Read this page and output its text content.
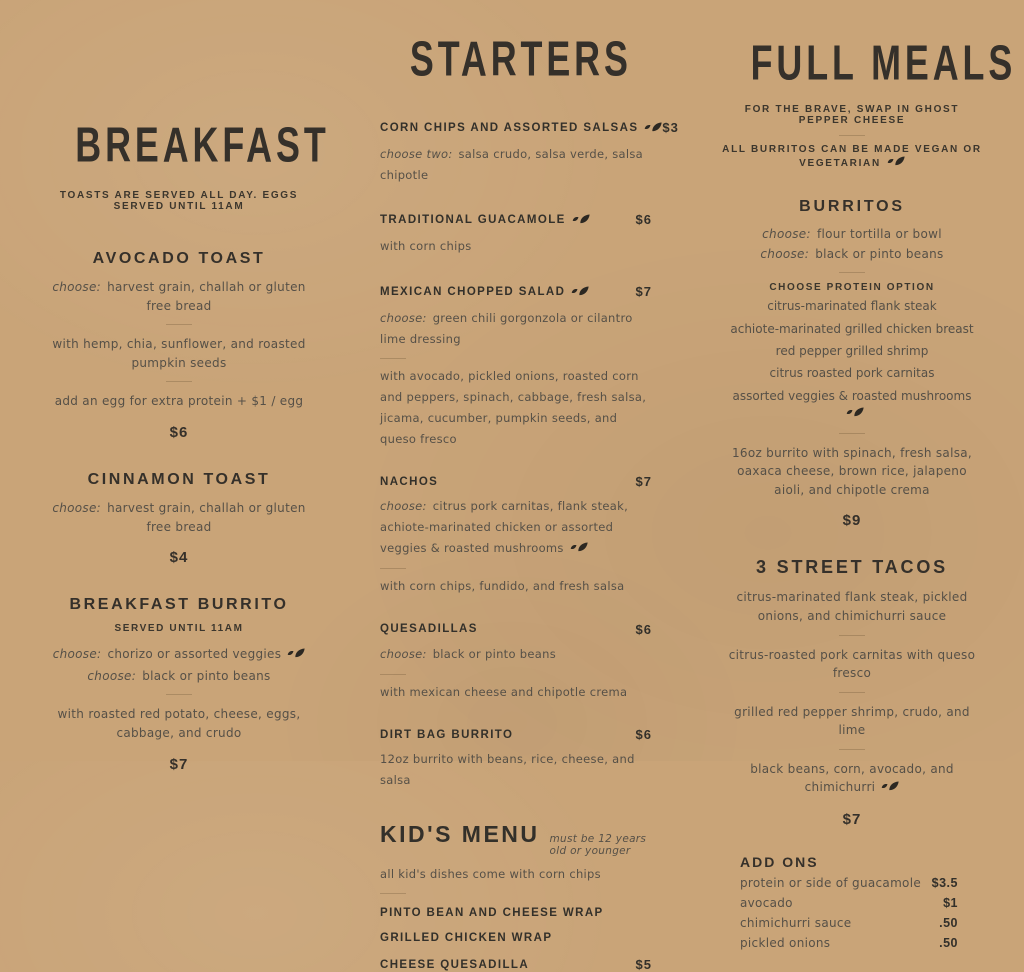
BREAKFAST
TOASTS ARE SERVED ALL DAY. EGGS SERVED UNTIL 11AM
AVOCADO TOAST
choose: harvest grain, challah or gluten free bread
with hemp, chia, sunflower, and roasted pumpkin seeds
add an egg for extra protein + $1 / egg
$6
CINNAMON TOAST
choose: harvest grain, challah or gluten free bread
$4
BREAKFAST BURRITO
SERVED UNTIL 11AM
choose: chorizo or assorted veggies
choose: black or pinto beans
with roasted red potato, cheese, eggs, cabbage, and crudo
$7
STARTERS
CORN CHIPS AND ASSORTED SALSAS $3
choose two: salsa crudo, salsa verde, salsa chipotle
TRADITIONAL GUACAMOLE	$6
with corn chips
MEXICAN CHOPPED SALAD	$7
choose: green chili gorgonzola or cilantro lime dressing
with avocado, pickled onions, roasted corn and peppers, spinach, cabbage, fresh salsa, jicama, cucumber, pumpkin seeds, and queso fresco
NACHOS	$7
choose: citrus pork carnitas, flank steak, achiote-marinated chicken or assorted veggies & roasted mushrooms
with corn chips, fundido, and fresh salsa
QUESADILLAS	$6
choose: black or pinto beans
with mexican cheese and chipotle crema
DIRT BAG BURRITO	$6
12oz burrito with beans, rice, cheese, and salsa
KID'S MENU must be 12 years old or younger
all kid's dishes come with corn chips
PINTO BEAN AND CHEESE WRAP
GRILLED CHICKEN WRAP
CHEESE QUESADILLA	$5
FULL MEALS
FOR THE BRAVE, SWAP IN GHOST PEPPER CHEESE
ALL BURRITOS CAN BE MADE VEGAN OR VEGETARIAN
BURRITOS
choose: flour tortilla or bowl
choose: black or pinto beans
CHOOSE PROTEIN OPTION
citrus-marinated flank steak
achiote-marinated grilled chicken breast
red pepper grilled shrimp
citrus roasted pork carnitas
assorted veggies & roasted mushrooms
16oz burrito with spinach, fresh salsa, oaxaca cheese, brown rice, jalapeno aioli, and chipotle crema
$9
3 STREET TACOS
citrus-marinated flank steak, pickled onions, and chimichurri sauce
citrus-roasted pork carnitas with queso fresco
grilled red pepper shrimp, crudo, and lime
black beans, corn, avocado, and chimichurri
$7
ADD ONS
protein or side of guacamole $3.5
avocado	$1
chimichurri sauce	.50
pickled onions	.50
